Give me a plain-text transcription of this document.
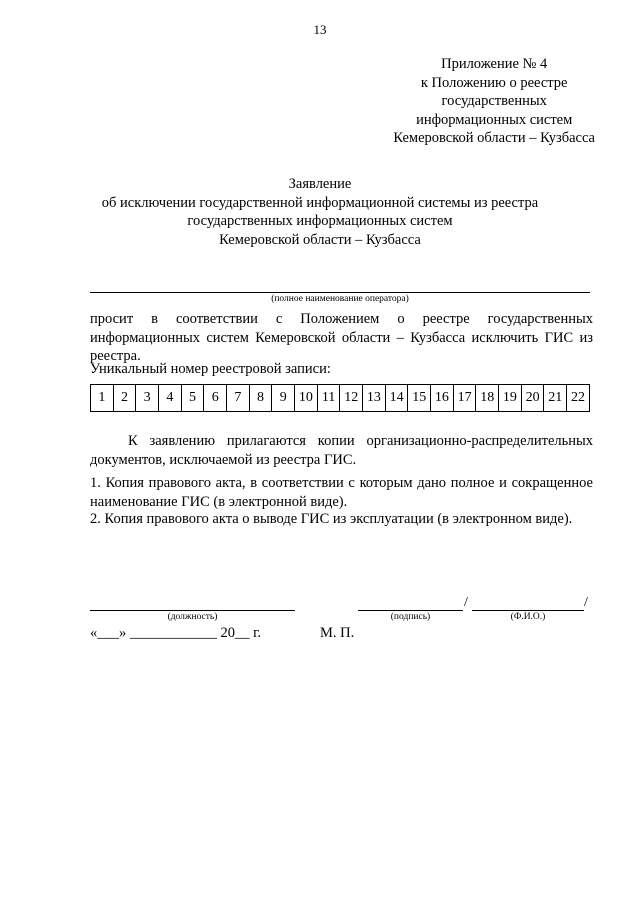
13
Приложение № 4
к Положению о реестре
государственных
информационных систем
Кемеровской области – Кузбасса
Заявление
об исключении государственной информационной системы из реестра
государственных информационных систем
Кемеровской области – Кузбасса
(полное наименование оператора)
просит в соответствии с Положением о реестре государственных информационных систем Кемеровской области – Кузбасса исключить ГИС из реестра.
Уникальный номер реестровой записи:
1	2	3	4	5	6	7	8	9	10	11	12	13	14	15	16	17	18	19	20	21	22
К заявлению прилагаются копии организационно-распределительных документов, исключаемой из реестра ГИС.
1. Копия правового акта, в соответствии с которым дано полное и сокращенное наименование ГИС (в электронной виде).
2. Копия правового акта о выводе ГИС из эксплуатации (в электронном виде).
(должность)	(подпись)
/
(Ф.И.О.)
/
«___» ____________ 20__ г.	М. П.
